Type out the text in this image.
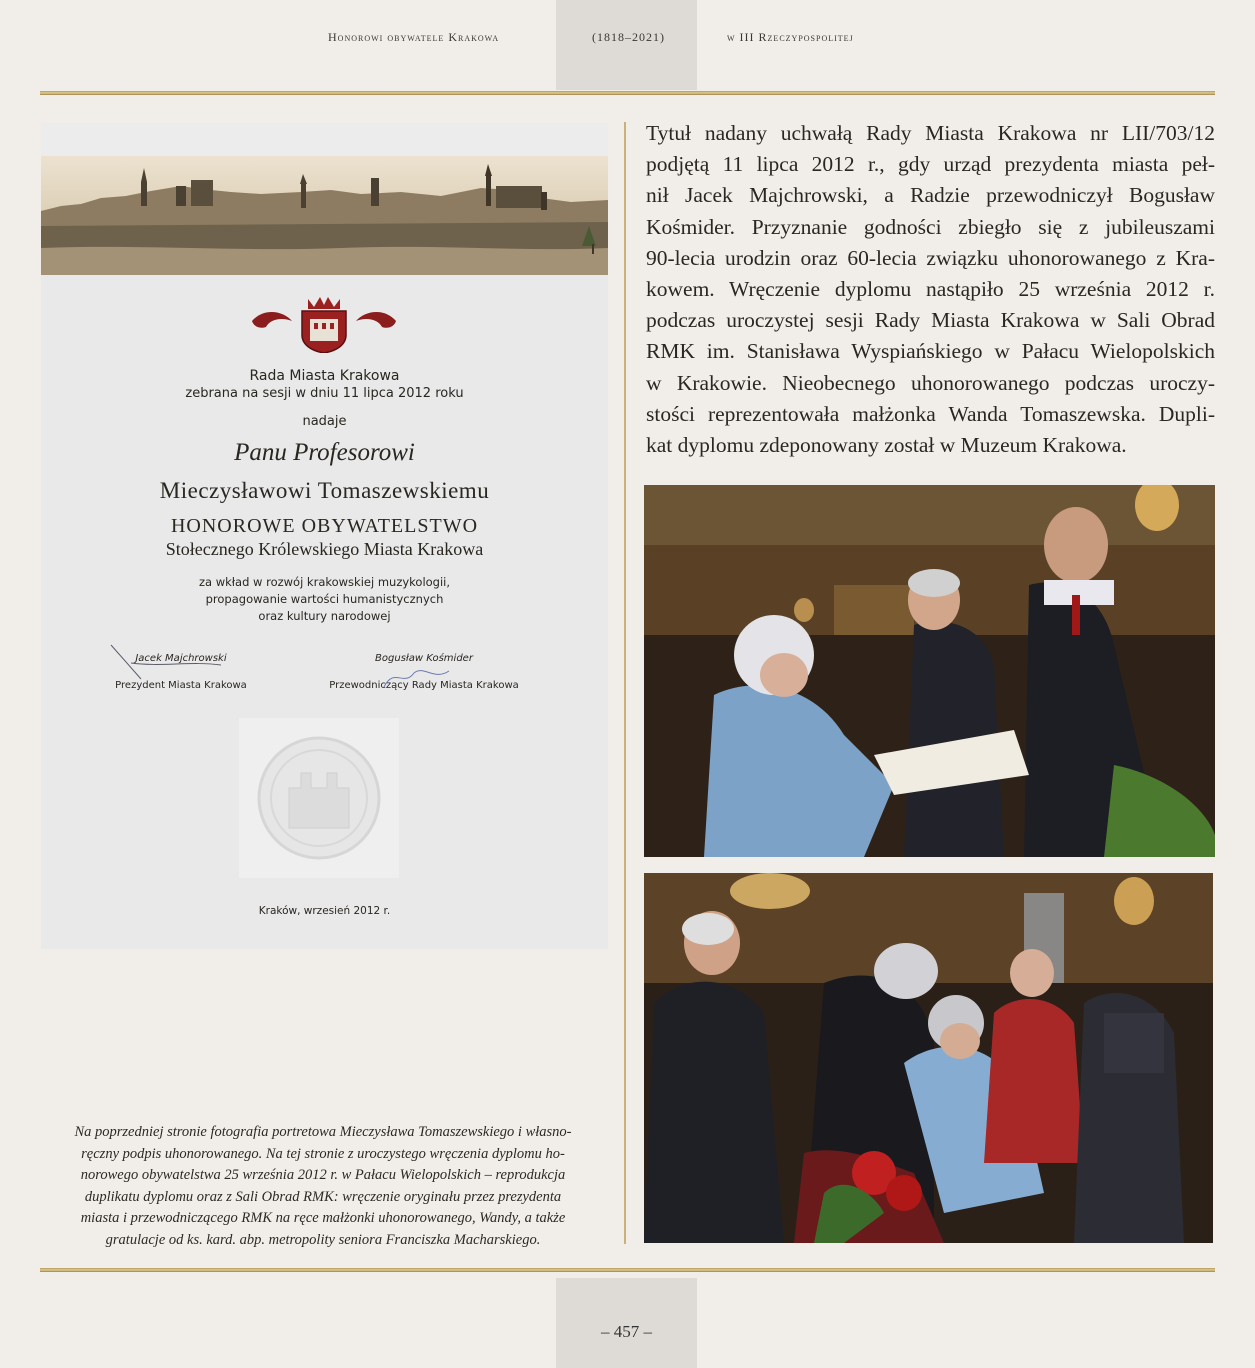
Honorowi obywatele Krakowa	(1818–2021)	w III Rzeczypospolitej
Rada Miasta Krakowa
zebrana na sesji w dniu 11 lipca 2012 roku
nadaje
Panu Profesorowi
Mieczysławowi Tomaszewskiemu
HONOROWE OBYWATELSTWO
Stołecznego Królewskiego Miasta Krakowa
za wkład w rozwój krakowskiej muzykologii,
propagowanie wartości humanistycznych
oraz kultury narodowej
Jacek Majchrowski
Prezydent Miasta Krakowa
Bogusław Kośmider
Przewodniczący Rady Miasta Krakowa
Kraków, wrzesień 2012 r.
Tytuł nadany uchwałą Rady Miasta Krakowa nr LII/703/12
podjętą 11 lipca 2012 r., gdy urząd prezydenta miasta peł-
nił Jacek Majchrowski, a Radzie przewodniczył Bogusław
Kośmider. Przyznanie godności zbiegło się z jubileuszami
90-lecia urodzin oraz 60-lecia związku uhonorowanego z Kra-
kowem. Wręczenie dyplomu nastąpiło 25 września 2012 r.
podczas uroczystej sesji Rady Miasta Krakowa w Sali Obrad
RMK im. Stanisława Wyspiańskiego w Pałacu Wielopolskich
w Krakowie. Nieobecnego uhonorowanego podczas uroczy-
stości reprezentowała małżonka Wanda Tomaszewska. Dupli-
kat dyplomu zdeponowany został w Muzeum Krakowa.
Na poprzedniej stronie fotografia portretowa Mieczysława Tomaszewskiego i własno-
ręczny podpis uhonorowanego. Na tej stronie z uroczystego wręczenia dyplomu ho-
norowego obywatelstwa 25 września 2012 r. w Pałacu Wielopolskich – reprodukcja
duplikatu dyplomu oraz z Sali Obrad RMK: wręczenie oryginału przez prezydenta
miasta i przewodniczącego RMK na ręce małżonki uhonorowanego, Wandy, a także
gratulacje od ks. kard. abp. metropolity seniora Franciszka Macharskiego.
– 457 –
